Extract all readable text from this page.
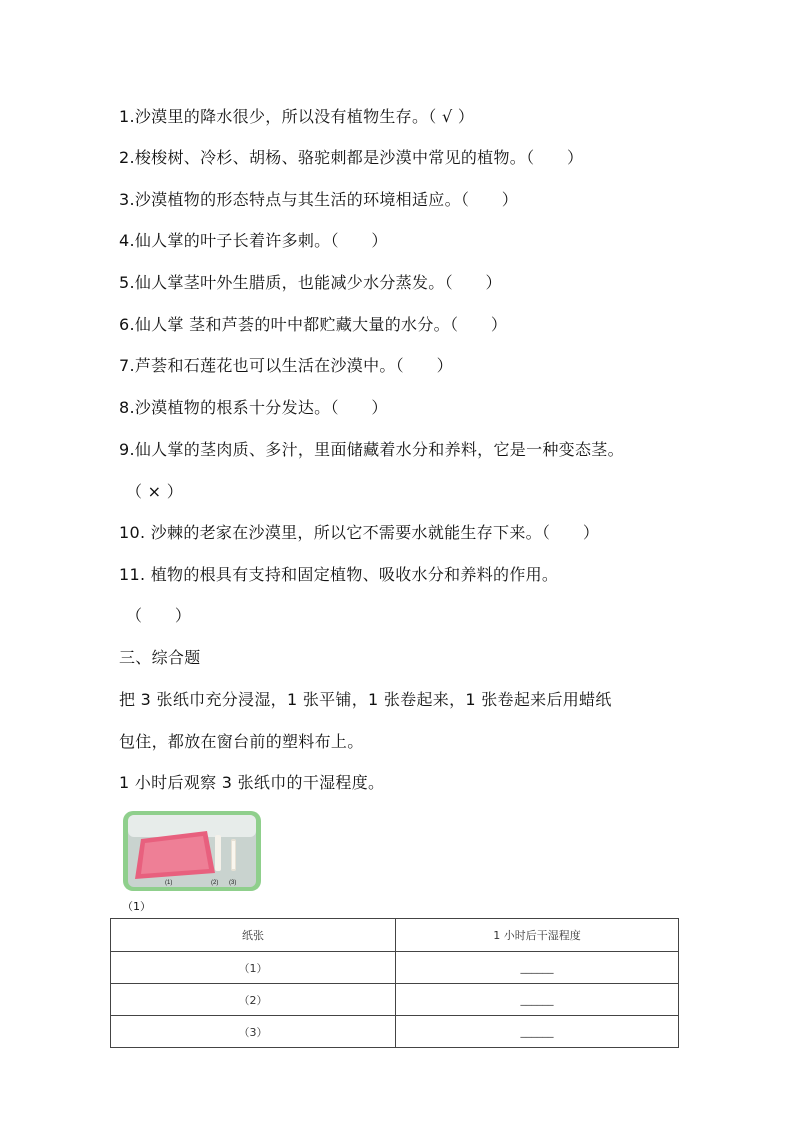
1.沙漠里的降水很少，所以没有植物生存。（ √ ）
2.梭梭树、冷杉、胡杨、骆驼刺都是沙漠中常见的植物。（　　）
3.沙漠植物的形态特点与其生活的环境相适应。（　　）
4.仙人掌的叶子长着许多刺。（　　）
5.仙人掌茎叶外生腊质，也能减少水分蒸发。（　　）
6.仙人掌 茎和芦荟的叶中都贮藏大量的水分。（　　）
7.芦荟和石莲花也可以生活在沙漠中。（　　）
8.沙漠植物的根系十分发达。（　　）
9.仙人掌的茎肉质、多汁，里面储藏着水分和养料，它是一种变态茎。
（ × ）
10. 沙棘的老家在沙漠里，所以它不需要水就能生存下来。（　　）
11. 植物的根具有支持和固定植物、吸收水分和养料的作用。
（　　）
三、综合题
把 3 张纸巾充分浸湿，1 张平铺，1 张卷起来，1 张卷起来后用蜡纸
包住，都放在窗台前的塑料布上。
1 小时后观察 3 张纸巾的干湿程度。
(1)	(2) (3)
（1）
纸张	1 小时后干湿程度
（1）	______
（2）	______
（3）	______
